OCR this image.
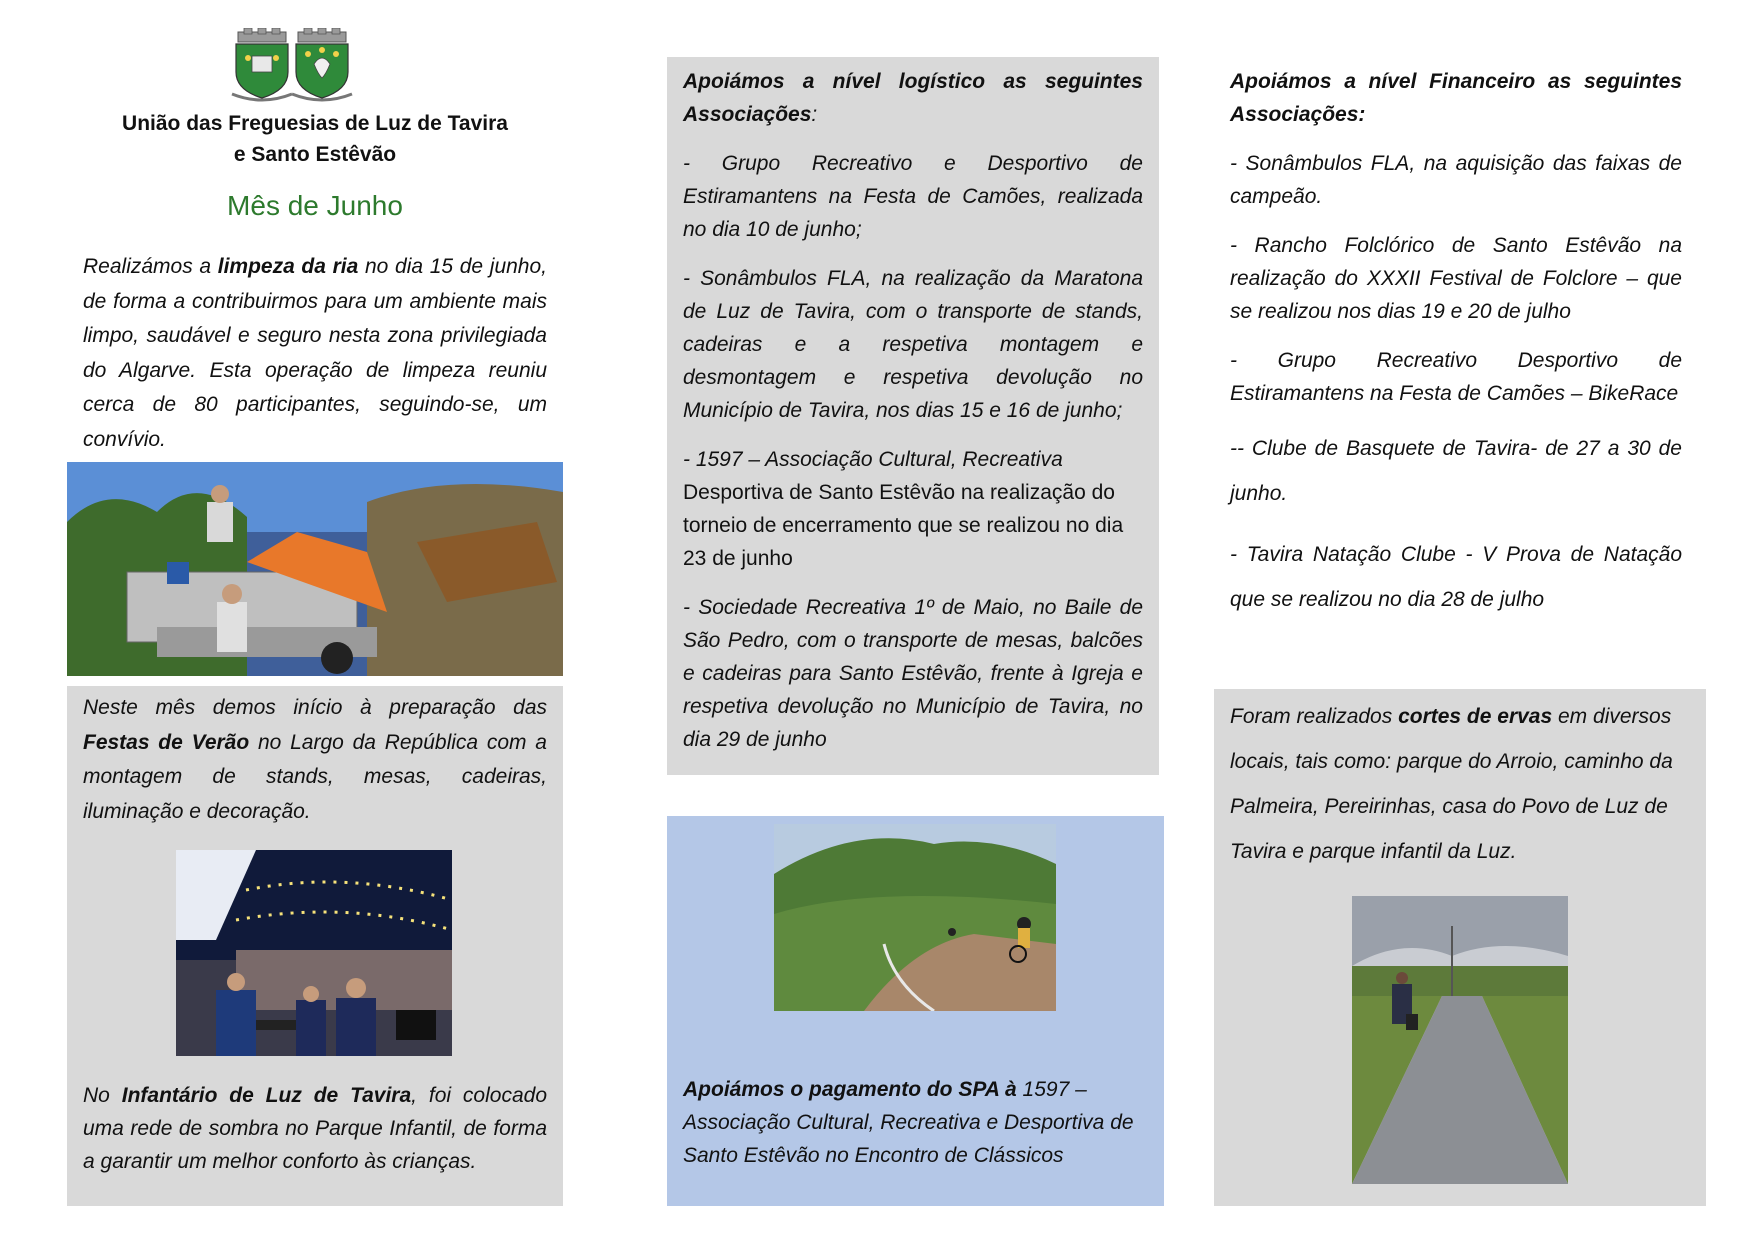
União das Freguesias de Luz de Tavira
e Santo Estêvão
Mês de Junho

Realizámos a limpeza da ria no dia 15 de junho, de forma a contribuirmos para um ambiente mais limpo, saudável e seguro nesta zona privilegiada do Algarve. Esta operação de limpeza reuniu cerca de 80 participantes, seguindo-se, um convívio.

Neste mês demos início à preparação das Festas de Verão no Largo da República com a montagem de stands, mesas, cadeiras, iluminação e decoração.

No Infantário de Luz de Tavira, foi colocado uma rede de sombra no Parque Infantil, de forma a garantir um melhor conforto às crianças.

Apoiámos a nível logístico as seguintes Associações:

- Grupo Recreativo e Desportivo de Estiramantens na Festa de Camões, realizada no dia 10 de junho;

- Sonâmbulos FLA, na realização da Maratona de Luz de Tavira, com o transporte de stands, cadeiras e a respetiva montagem e desmontagem e respetiva devolução no Município de Tavira, nos dias 15 e 16 de junho;

- 1597 – Associação Cultural, Recreativa Desportiva de Santo Estêvão na realização do torneio de encerramento que se realizou no dia 23 de junho

- Sociedade Recreativa 1º de Maio, no Baile de São Pedro, com o transporte de mesas, balcões e cadeiras para Santo Estêvão, frente à Igreja e respetiva devolução no Município de Tavira, no dia 29 de junho

Apoiámos o pagamento do SPA à 1597 – Associação Cultural, Recreativa e Desportiva de Santo Estêvão no Encontro de Clássicos

Apoiámos a nível Financeiro as seguintes Associações:

- Sonâmbulos FLA, na aquisição das faixas de campeão.

- Rancho Folclórico de Santo Estêvão na realização do XXXII Festival de Folclore – que se realizou nos dias 19 e 20 de julho

- Grupo Recreativo Desportivo de Estiramantens na Festa de Camões – BikeRace

-- Clube de Basquete de Tavira- de 27 a 30 de junho.

- Tavira Natação Clube - V Prova de Natação que se realizou no dia 28 de julho

Foram realizados cortes de ervas em diversos locais, tais como: parque do Arroio, caminho da Palmeira, Pereirinhas, casa do Povo de Luz de Tavira e parque infantil da Luz.
